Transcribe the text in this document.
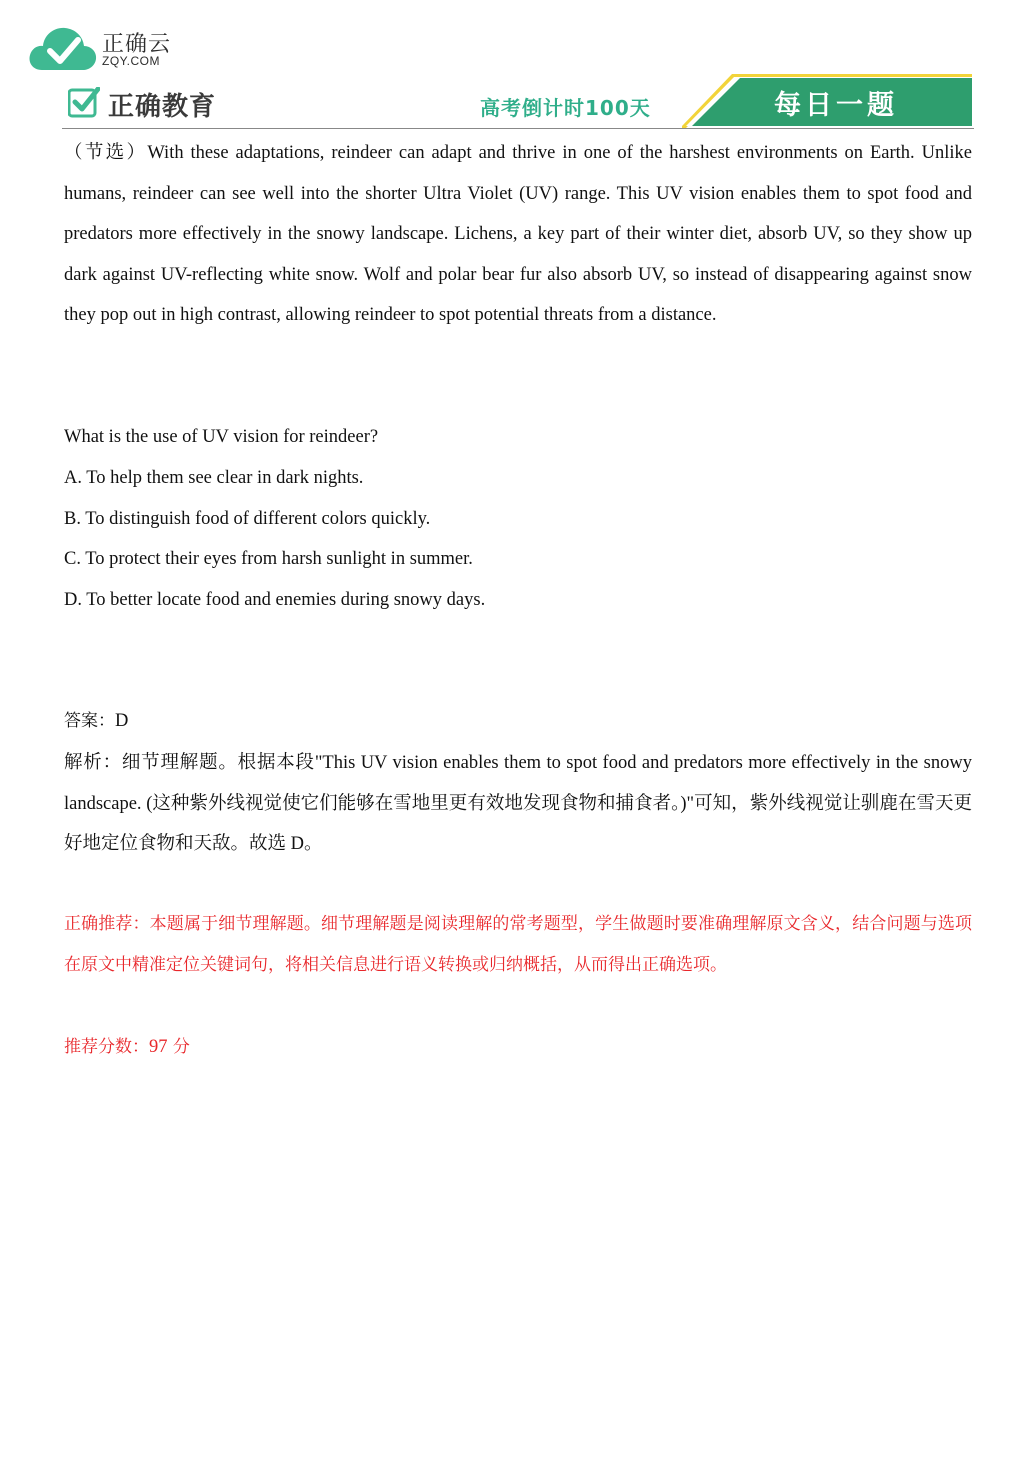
正确云
ZQY.COM
正确教育	高考倒计时100天	每日一题

（节选）With these adaptations, reindeer can adapt and thrive in one of the harshest environments on Earth. Unlike humans, reindeer can see well into the shorter Ultra Violet (UV) range. This UV vision enables them to spot food and predators more effectively in the snowy landscape. Lichens, a key part of their winter diet, absorb UV, so they show up dark against UV-reflecting white snow. Wolf and polar bear fur also absorb UV, so instead of disappearing against snow they pop out in high contrast, allowing reindeer to spot potential threats from a distance.

What is the use of UV vision for reindeer?
A. To help them see clear in dark nights.
B. To distinguish food of different colors quickly.
C. To protect their eyes from harsh sunlight in summer.
D. To better locate food and enemies during snowy days.
答案：D

解析：细节理解题。根据本段"This UV vision enables them to spot food and predators more effectively in the snowy landscape. (这种紫外线视觉使它们能够在雪地里更有效地发现食物和捕食者。)"可知，紫外线视觉让驯鹿在雪天更好地定位食物和天敌。故选 D。

正确推荐：本题属于细节理解题。细节理解题是阅读理解的常考题型，学生做题时要准确理解原文含义，结合问题与选项在原文中精准定位关键词句，将相关信息进行语义转换或归纳概括，从而得出正确选项。

推荐分数：97 分
